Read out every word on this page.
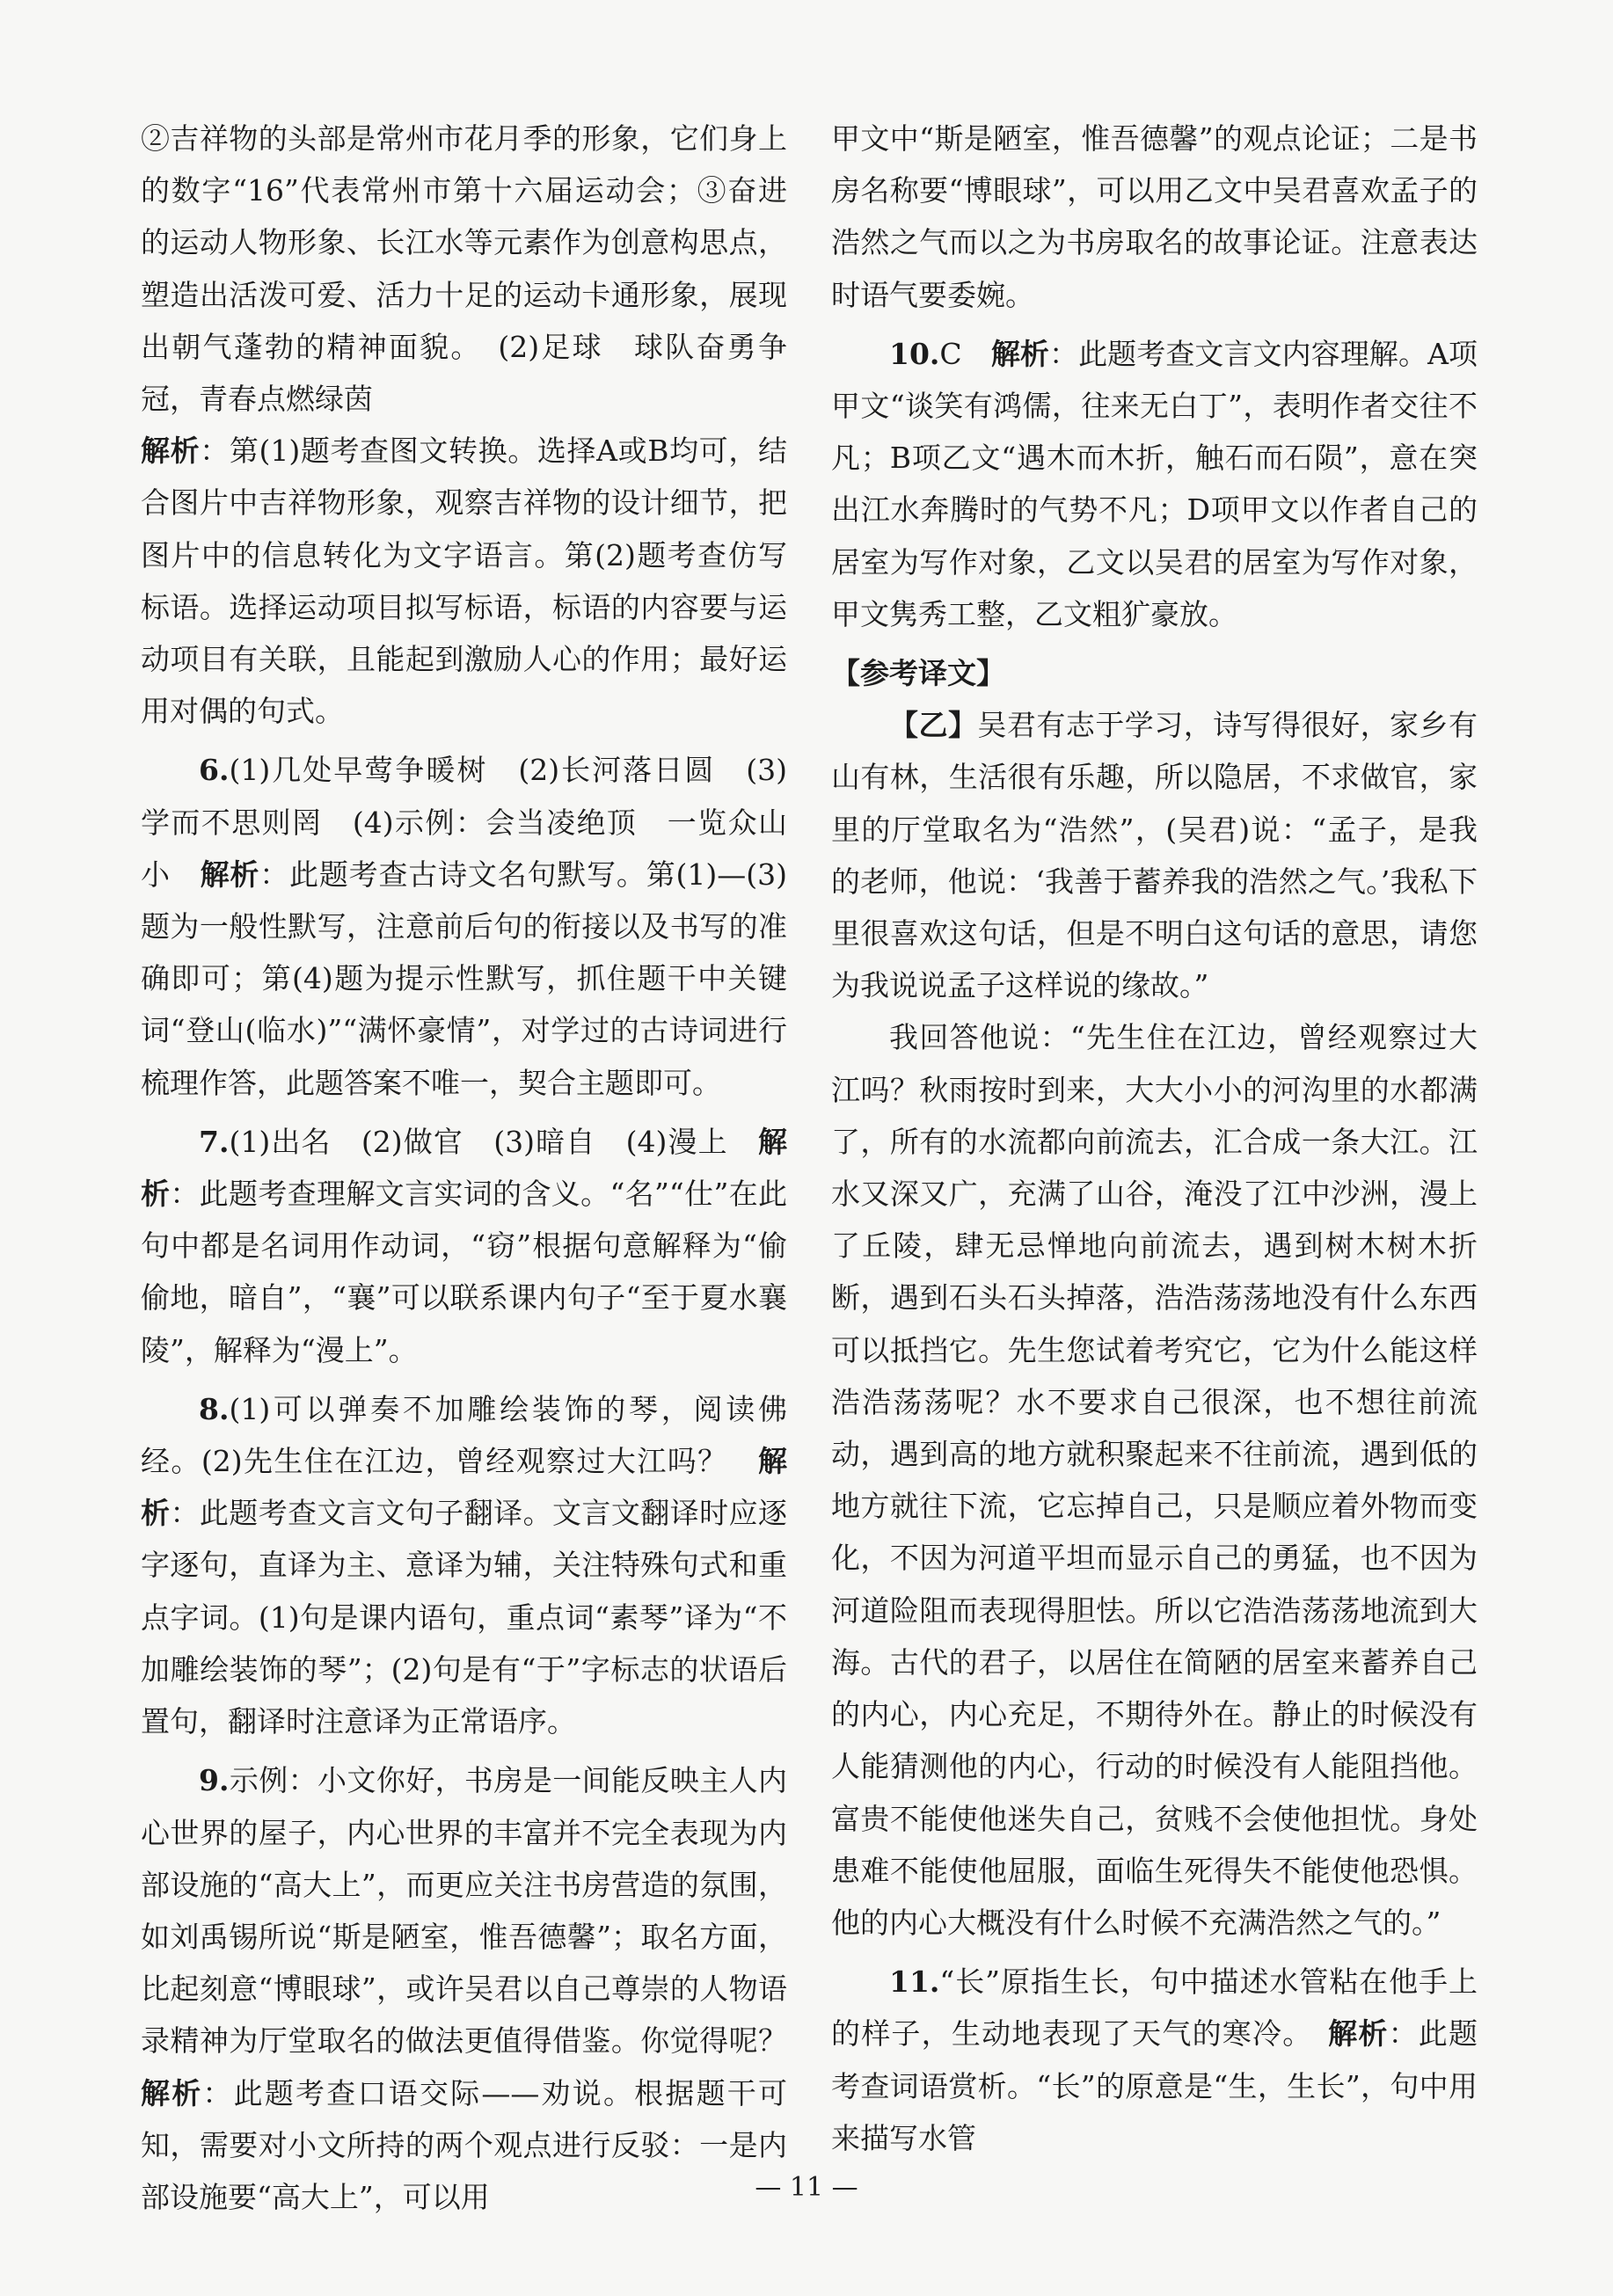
②吉祥物的头部是常州市花月季的形象，它们身上的数字“16”代表常州市第十六届运动会；③奋进的运动人物形象、长江水等元素作为创意构思点，塑造出活泼可爱、活力十足的运动卡通形象，展现出朝气蓬勃的精神面貌。　(2)足球　球队奋勇争冠，青春点燃绿茵

解析：第(1)题考查图文转换。选择A或B均可，结合图片中吉祥物形象，观察吉祥物的设计细节，把图片中的信息转化为文字语言。第(2)题考查仿写标语。选择运动项目拟写标语，标语的内容要与运动项目有关联，且能起到激励人心的作用；最好运用对偶的句式。

6.(1)几处早莺争暖树　(2)长河落日圆　(3)学而不思则罔　(4)示例：会当凌绝顶　一览众山小　解析：此题考查古诗文名句默写。第(1)—(3)题为一般性默写，注意前后句的衔接以及书写的准确即可；第(4)题为提示性默写，抓住题干中关键词“登山(临水)”“满怀豪情”，对学过的古诗词进行梳理作答，此题答案不唯一，契合主题即可。

7.(1)出名　(2)做官　(3)暗自　(4)漫上　解析：此题考查理解文言实词的含义。“名”“仕”在此句中都是名词用作动词，“窃”根据句意解释为“偷偷地，暗自”，“襄”可以联系课内句子“至于夏水襄陵”，解释为“漫上”。

8.(1)可以弹奏不加雕绘装饰的琴，阅读佛经。(2)先生住在江边，曾经观察过大江吗？　解析：此题考查文言文句子翻译。文言文翻译时应逐字逐句，直译为主、意译为辅，关注特殊句式和重点字词。(1)句是课内语句，重点词“素琴”译为“不加雕绘装饰的琴”；(2)句是有“于”字标志的状语后置句，翻译时注意译为正常语序。

9.示例：小文你好，书房是一间能反映主人内心世界的屋子，内心世界的丰富并不完全表现为内部设施的“高大上”，而更应关注书房营造的氛围，如刘禹锡所说“斯是陋室，惟吾德馨”；取名方面，比起刻意“博眼球”，或许吴君以自己尊崇的人物语录精神为厅堂取名的做法更值得借鉴。你觉得呢？　解析：此题考查口语交际——劝说。根据题干可知，需要对小文所持的两个观点进行反驳：一是内部设施要“高大上”，可以用

甲文中“斯是陋室，惟吾德馨”的观点论证；二是书房名称要“博眼球”，可以用乙文中吴君喜欢孟子的浩然之气而以之为书房取名的故事论证。注意表达时语气要委婉。

10.C　解析：此题考查文言文内容理解。A项甲文“谈笑有鸿儒，往来无白丁”，表明作者交往不凡；B项乙文“遇木而木折，触石而石陨”，意在突出江水奔腾时的气势不凡；D项甲文以作者自己的居室为写作对象，乙文以吴君的居室为写作对象，甲文隽秀工整，乙文粗犷豪放。

【参考译文】

【乙】吴君有志于学习，诗写得很好，家乡有山有林，生活很有乐趣，所以隐居，不求做官，家里的厅堂取名为“浩然”，(吴君)说：“孟子，是我的老师，他说：‘我善于蓄养我的浩然之气。’我私下里很喜欢这句话，但是不明白这句话的意思，请您为我说说孟子这样说的缘故。”

我回答他说：“先生住在江边，曾经观察过大江吗？秋雨按时到来，大大小小的河沟里的水都满了，所有的水流都向前流去，汇合成一条大江。江水又深又广，充满了山谷，淹没了江中沙洲，漫上了丘陵，肆无忌惮地向前流去，遇到树木树木折断，遇到石头石头掉落，浩浩荡荡地没有什么东西可以抵挡它。先生您试着考究它，它为什么能这样浩浩荡荡呢？水不要求自己很深，也不想往前流动，遇到高的地方就积聚起来不往前流，遇到低的地方就往下流，它忘掉自己，只是顺应着外物而变化，不因为河道平坦而显示自己的勇猛，也不因为河道险阻而表现得胆怯。所以它浩浩荡荡地流到大海。古代的君子，以居住在简陋的居室来蓄养自己的内心，内心充足，不期待外在。静止的时候没有人能猜测他的内心，行动的时候没有人能阻挡他。富贵不能使他迷失自己，贫贱不会使他担忧。身处患难不能使他屈服，面临生死得失不能使他恐惧。他的内心大概没有什么时候不充满浩然之气的。”

11.“长”原指生长，句中描述水管粘在他手上的样子，生动地表现了天气的寒冷。　解析：此题考查词语赏析。“长”的原意是“生，生长”，句中用来描写水管

— 11 —
